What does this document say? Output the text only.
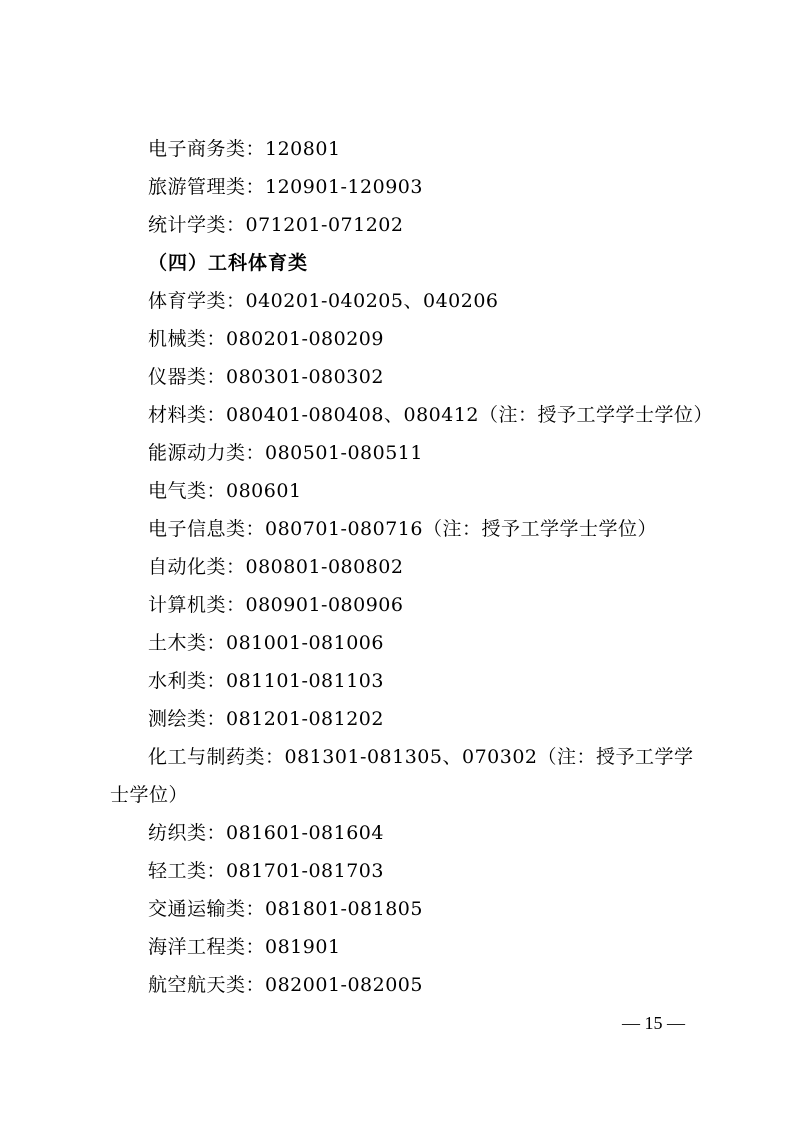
电子商务类：120801
旅游管理类：120901-120903
统计学类：071201-071202
（四）工科体育类
体育学类：040201-040205、040206
机械类：080201-080209
仪器类：080301-080302
材料类：080401-080408、080412（注：授予工学学士学位）
能源动力类：080501-080511
电气类：080601
电子信息类：080701-080716（注：授予工学学士学位）
自动化类：080801-080802
计算机类：080901-080906
土木类：081001-081006
水利类：081101-081103
测绘类：081201-081202
化工与制药类：081301-081305、070302（注：授予工学学
士学位）
纺织类：081601-081604
轻工类：081701-081703
交通运输类：081801-081805
海洋工程类：081901
航空航天类：082001-082005
— 15 —
